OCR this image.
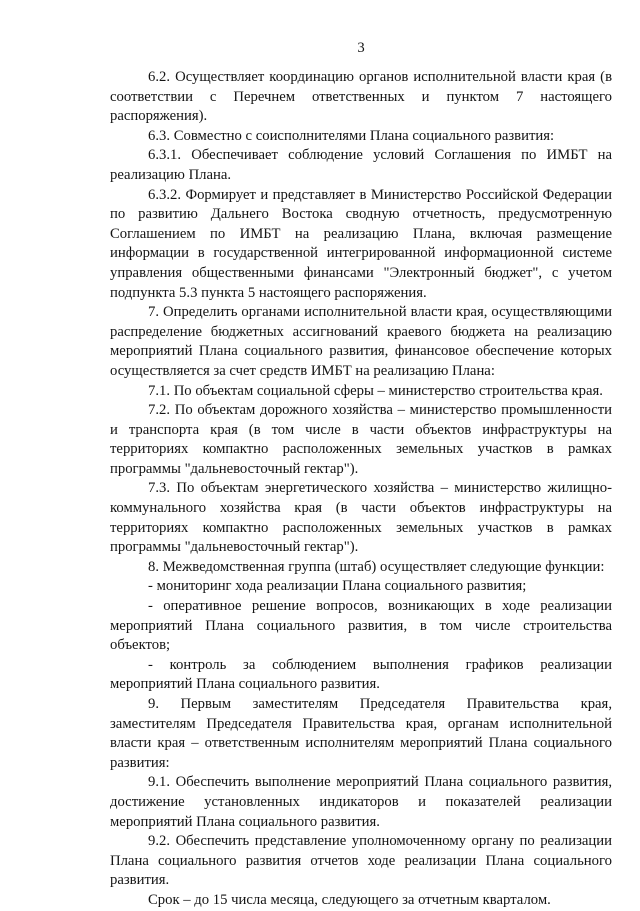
3

6.2. Осуществляет координацию органов исполнительной власти края (в соответствии с Перечнем ответственных и пунктом 7 настоящего распоряжения).

6.3. Совместно с соисполнителями Плана социального развития:

6.3.1. Обеспечивает соблюдение условий Соглашения по ИМБТ на реализацию Плана.

6.3.2. Формирует и представляет в Министерство Российской Федерации по развитию Дальнего Востока сводную отчетность, предусмотренную Соглашением по ИМБТ на реализацию Плана, включая размещение информации в государственной интегрированной информационной системе управления общественными финансами "Электронный бюджет", с учетом подпункта 5.3 пункта 5 настоящего распоряжения.

7. Определить органами исполнительной власти края, осуществляющими распределение бюджетных ассигнований краевого бюджета на реализацию мероприятий Плана социального развития, финансовое обеспечение которых осуществляется за счет средств ИМБТ на реализацию Плана:

7.1. По объектам социальной сферы – министерство строительства края.

7.2. По объектам дорожного хозяйства – министерство промышленности и транспорта края (в том числе в части объектов инфраструктуры на территориях компактно расположенных земельных участков в рамках программы "дальневосточный гектар").

7.3. По объектам энергетического хозяйства – министерство жилищно-коммунального хозяйства края (в части объектов инфраструктуры на территориях компактно расположенных земельных участков в рамках программы "дальневосточный гектар").

8. Межведомственная группа (штаб) осуществляет следующие функции:

- мониторинг хода реализации Плана социального развития;

- оперативное решение вопросов, возникающих в ходе реализации мероприятий Плана социального развития, в том числе строительства объектов;

- контроль за соблюдением выполнения графиков реализации мероприятий Плана социального развития.

9. Первым заместителям Председателя Правительства края, заместителям Председателя Правительства края, органам исполнительной власти края – ответственным исполнителям мероприятий Плана социального развития:

9.1. Обеспечить выполнение мероприятий Плана социального развития, достижение установленных индикаторов и показателей реализации мероприятий Плана социального развития.

9.2. Обеспечить представление уполномоченному органу по реализации Плана социального развития отчетов ходе реализации Плана социального развития.

Срок – до 15 числа месяца, следующего за отчетным кварталом.
